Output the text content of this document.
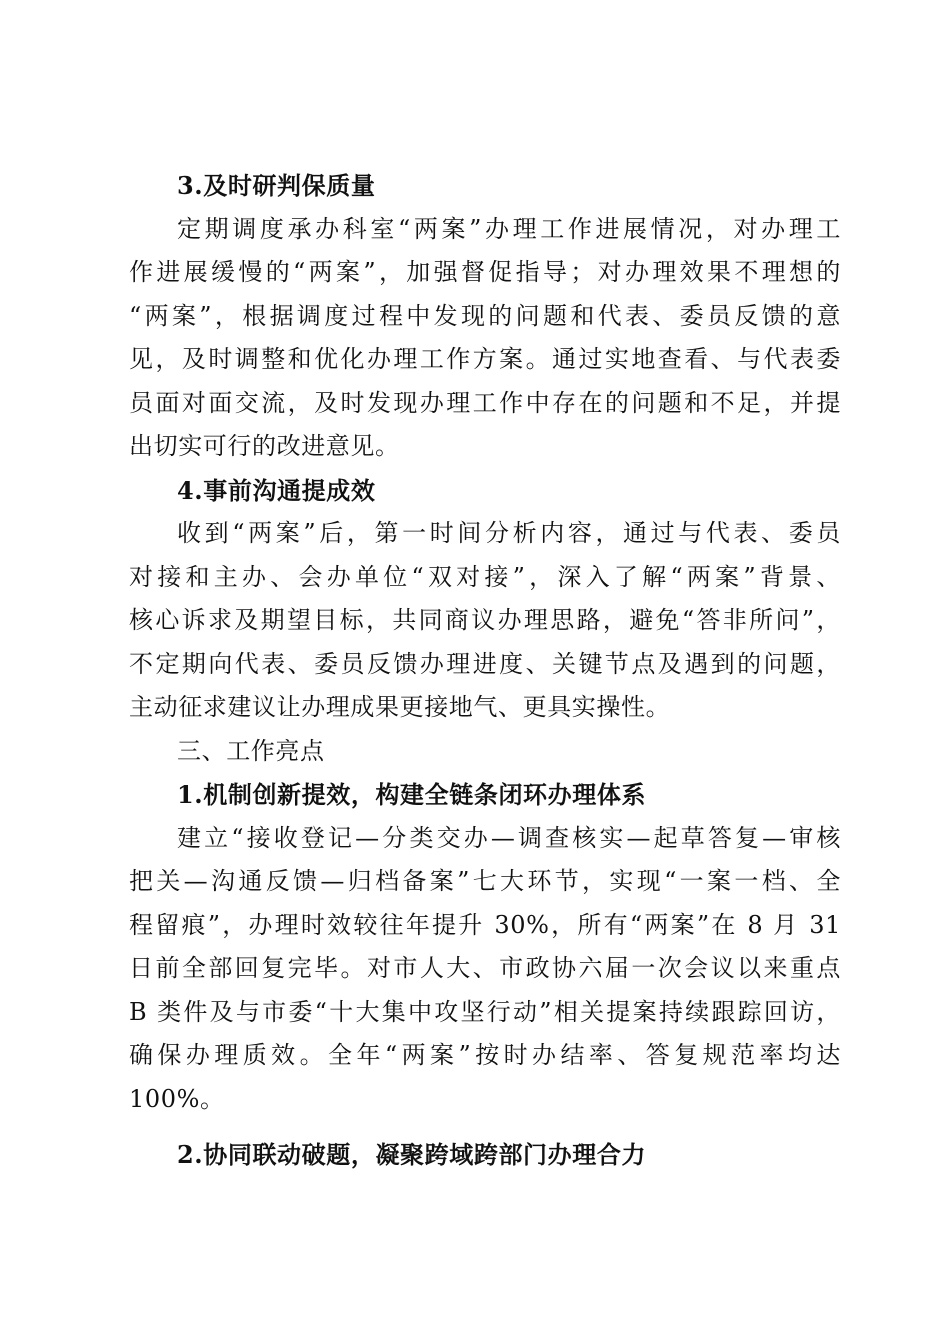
3.及时研判保质量
定期调度承办科室“两案”办理工作进展情况，对办理工
作进展缓慢的“两案”，加强督促指导；对办理效果不理想的
“两案”，根据调度过程中发现的问题和代表、委员反馈的意
见，及时调整和优化办理工作方案。通过实地查看、与代表委
员面对面交流，及时发现办理工作中存在的问题和不足，并提
出切实可行的改进意见。
4.事前沟通提成效
收到“两案”后，第一时间分析内容，通过与代表、委员
对接和主办、会办单位“双对接”，深入了解“两案”背景、
核心诉求及期望目标，共同商议办理思路，避免“答非所问”，
不定期向代表、委员反馈办理进度、关键节点及遇到的问题，
主动征求建议让办理成果更接地气、更具实操性。
三、工作亮点
1.机制创新提效，构建全链条闭环办理体系
建立“接收登记—分类交办—调查核实—起草答复—审核
把关—沟通反馈—归档备案”七大环节，实现“一案一档、全
程留痕”，办理时效较往年提升 30%，所有“两案”在 8 月 31
日前全部回复完毕。对市人大、市政协六届一次会议以来重点
B 类件及与市委“十大集中攻坚行动”相关提案持续跟踪回访，
确保办理质效。全年“两案”按时办结率、答复规范率均达
100%。
2.协同联动破题，凝聚跨域跨部门办理合力
